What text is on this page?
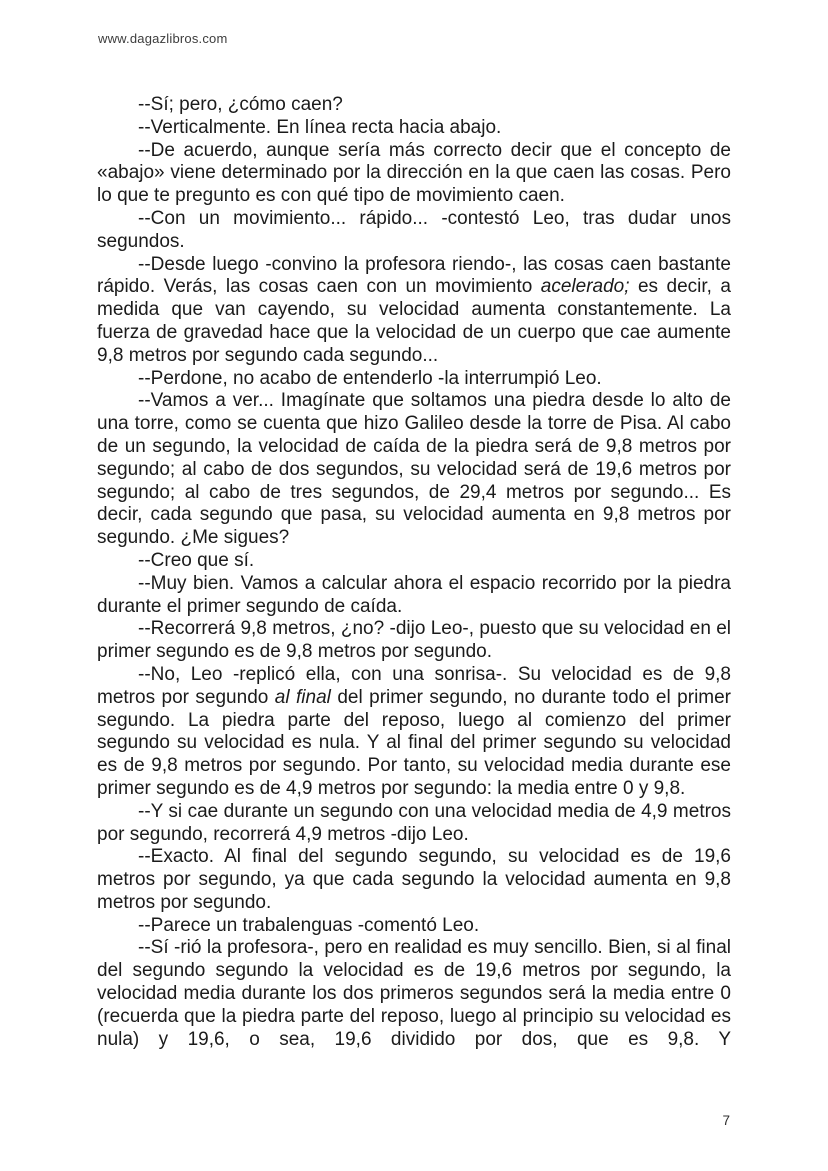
www.dagazlibros.com

--Sí; pero, ¿cómo caen?

--Verticalmente. En línea recta hacia abajo.

--De acuerdo, aunque sería más correcto decir que el concepto de «abajo» viene determinado por la dirección en la que caen las cosas. Pero lo que te pregunto es con qué tipo de movimiento caen.

--Con un movimiento... rápido... -contestó Leo, tras dudar unos segundos.

--Desde luego -convino la profesora riendo-, las cosas caen bastante rápido. Verás, las cosas caen con un movimiento acelerado; es decir, a medida que van cayendo, su velocidad aumenta constantemente. La fuerza de gravedad hace que la velocidad de un cuerpo que cae aumente 9,8 metros por segundo cada segundo...

--Perdone, no acabo de entenderlo -la interrumpió Leo.

--Vamos a ver... Imagínate que soltamos una piedra desde lo alto de una torre, como se cuenta que hizo Galileo desde la torre de Pisa. Al cabo de un segundo, la velocidad de caída de la piedra será de 9,8 metros por segundo; al cabo de dos segundos, su velocidad será de 19,6 metros por segundo; al cabo de tres segundos, de 29,4 metros por segundo... Es decir, cada segundo que pasa, su velocidad aumenta en 9,8 metros por segundo. ¿Me sigues?

--Creo que sí.

--Muy bien. Vamos a calcular ahora el espacio recorrido por la piedra durante el primer segundo de caída.

--Recorrerá 9,8 metros, ¿no? -dijo Leo-, puesto que su velocidad en el primer segundo es de 9,8 metros por segundo.

--No, Leo -replicó ella, con una sonrisa-. Su velocidad es de 9,8 metros por segundo al final del primer segundo, no durante todo el primer segundo. La piedra parte del reposo, luego al comienzo del primer segundo su velocidad es nula. Y al final del primer segundo su velocidad es de 9,8 metros por segundo. Por tanto, su velocidad media durante ese primer segundo es de 4,9 metros por segundo: la media entre 0 y 9,8.

--Y si cae durante un segundo con una velocidad media de 4,9 metros por segundo, recorrerá 4,9 metros -dijo Leo.

--Exacto. Al final del segundo segundo, su velocidad es de 19,6 metros por segundo, ya que cada segundo la velocidad aumenta en 9,8 metros por segundo.

--Parece un trabalenguas -comentó Leo.

--Sí -rió la profesora-, pero en realidad es muy sencillo. Bien, si al final del segundo segundo la velocidad es de 19,6 metros por segundo, la velocidad media durante los dos primeros segundos será la media entre 0 (recuerda que la piedra parte del reposo, luego al principio su velocidad es nula) y 19,6, o sea, 19,6 dividido por dos, que es 9,8. Y

7
